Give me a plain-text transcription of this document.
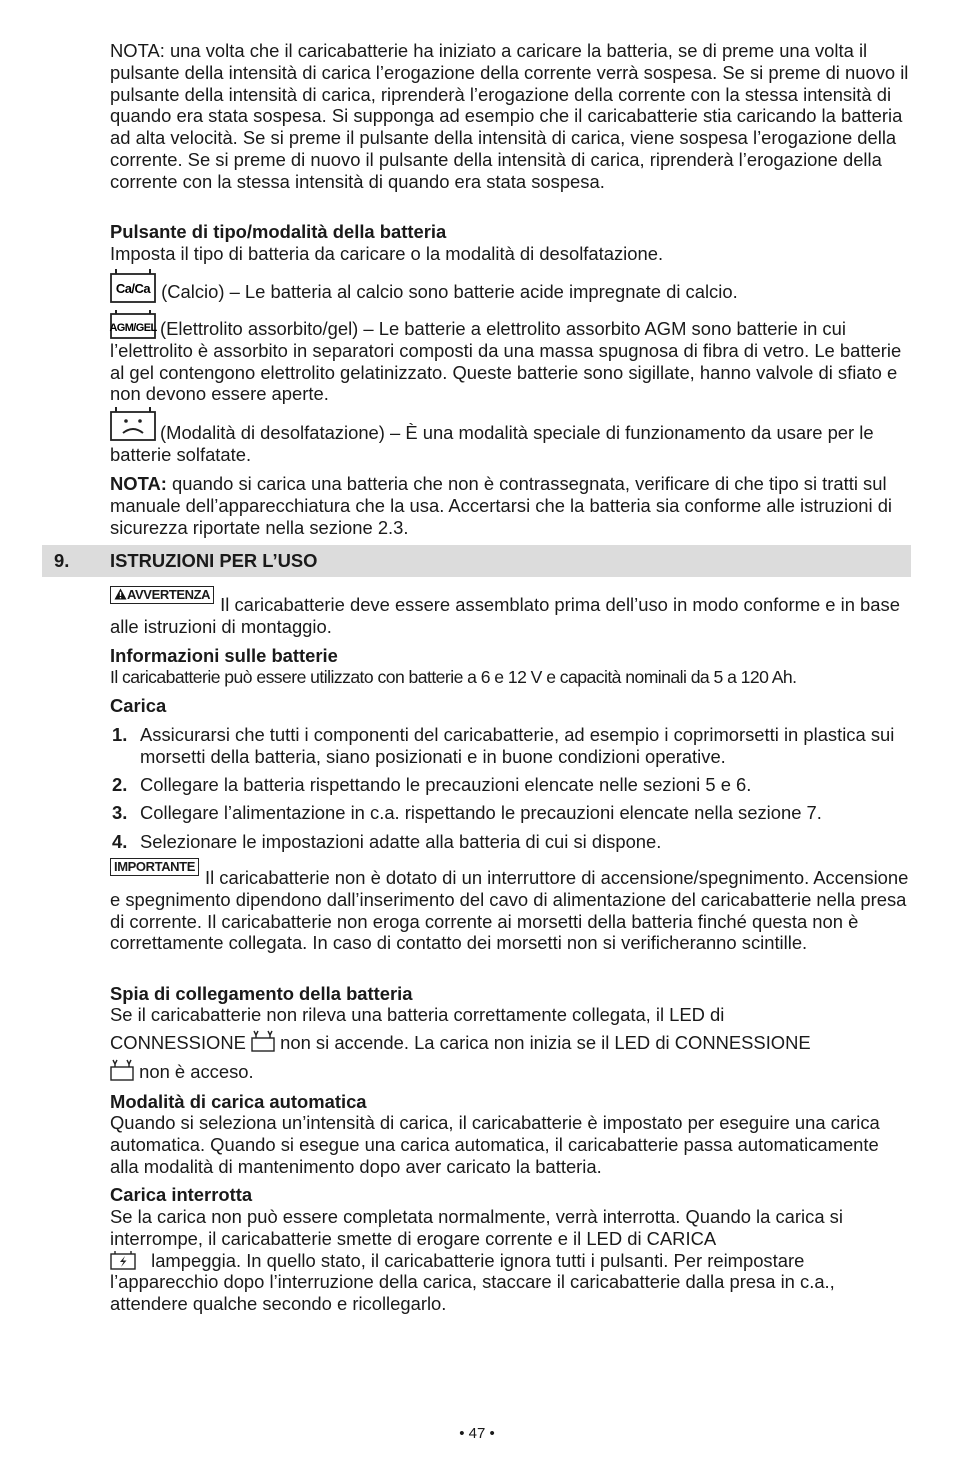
NOTA: una volta che il caricabatterie ha iniziato a caricare la batteria, se di preme una volta il pulsante della intensità di carica l’erogazione della corrente verrà sospesa. Se si preme di nuovo il pulsante della intensità di carica, riprenderà l’erogazione della corrente con la stessa intensità di quando era stata sospesa. Si supponga ad esempio che il caricabatterie stia caricando la batteria ad alta velocità. Se si preme il pulsante della intensità di carica, viene sospesa l’erogazione della corrente. Se si preme di nuovo il pulsante della intensità di carica, riprenderà l’erogazione della corrente con la stessa intensità di quando era stata sospesa.

Pulsante di tipo/modalità della batteria

Imposta il tipo di batteria da caricare o la modalità di desolfatazione.

Ca/Ca (Calcio) – Le batteria al calcio sono batterie acide impregnate di calcio.
AGM/GEL (Elettrolito assorbito/gel) – Le batterie a elettrolito assorbito AGM sono batterie in cui l’elettrolito è assorbito in separatori composti da una massa spugnosa di fibra di vetro. Le batterie al gel contengono elettrolito gelatinizzato. Queste batterie sono sigillate, hanno valvole di sfiato e non devono essere aperte.
(Modalità di desolfatazione) – È una modalità speciale di funzionamento da usare per le batterie solfatate.

NOTA: quando si carica una batteria che non è contrassegnata, verificare di che tipo si tratti sul manuale dell’apparecchiatura che la usa. Accertarsi che la batteria sia conforme alle istruzioni di sicurezza riportate nella sezione 2.3.

9. ISTRUZIONI PER L’USO
AVVERTENZA Il caricabatterie deve essere assemblato prima dell’uso in modo conforme e in base alle istruzioni di montaggio.

Informazioni sulle batterie

Il caricabatterie può essere utilizzato con batterie a 6 e 12 V e capacità nominali da 5 a 120 Ah.

Carica

1. Assicurarsi che tutti i componenti del caricabatterie, ad esempio i coprimorsetti in plastica sui morsetti della batteria, siano posizionati e in buone condizioni operative.

2. Collegare la batteria rispettando le precauzioni elencate nelle sezioni 5 e 6.

3. Collegare l’alimentazione in c.a. rispettando le precauzioni elencate nella sezione 7.

4. Selezionare le impostazioni adatte alla batteria di cui si dispone.

IMPORTANTE
Il caricabatterie non è dotato di un interruttore di accensione/spegnimento. Accensione e spegnimento dipendono dall’inserimento del cavo di alimentazione del caricabatterie nella presa di corrente. Il caricabatterie non eroga corrente ai morsetti della batteria finché questa non è correttamente collegata. In caso di contatto dei morsetti non si verificheranno scintille.

Spia di collegamento della batteria

Se il caricabatterie non rileva una batteria correttamente collegata, il LED di

CONNESSIONE  non si accende. La carica non inizia se il LED di CONNESSIONE

non è acceso.

Modalità di carica automatica

Quando si seleziona un’intensità di carica, il caricabatterie è impostato per eseguire una carica automatica. Quando si esegue una carica automatica, il caricabatterie passa automaticamente alla modalità di mantenimento dopo aver caricato la batteria.

Carica interrotta

Se la carica non può essere completata normalmente, verrà interrotta. Quando la carica si interrompe, il caricabatterie smette di erogare corrente e il LED di CARICA
lampeggia. In quello stato, il caricabatterie ignora tutti i pulsanti. Per reimpostare l’apparecchio dopo l’interruzione della carica, staccare il caricabatterie dalla presa in c.a., attendere qualche secondo e ricollegarlo.

• 47 •
